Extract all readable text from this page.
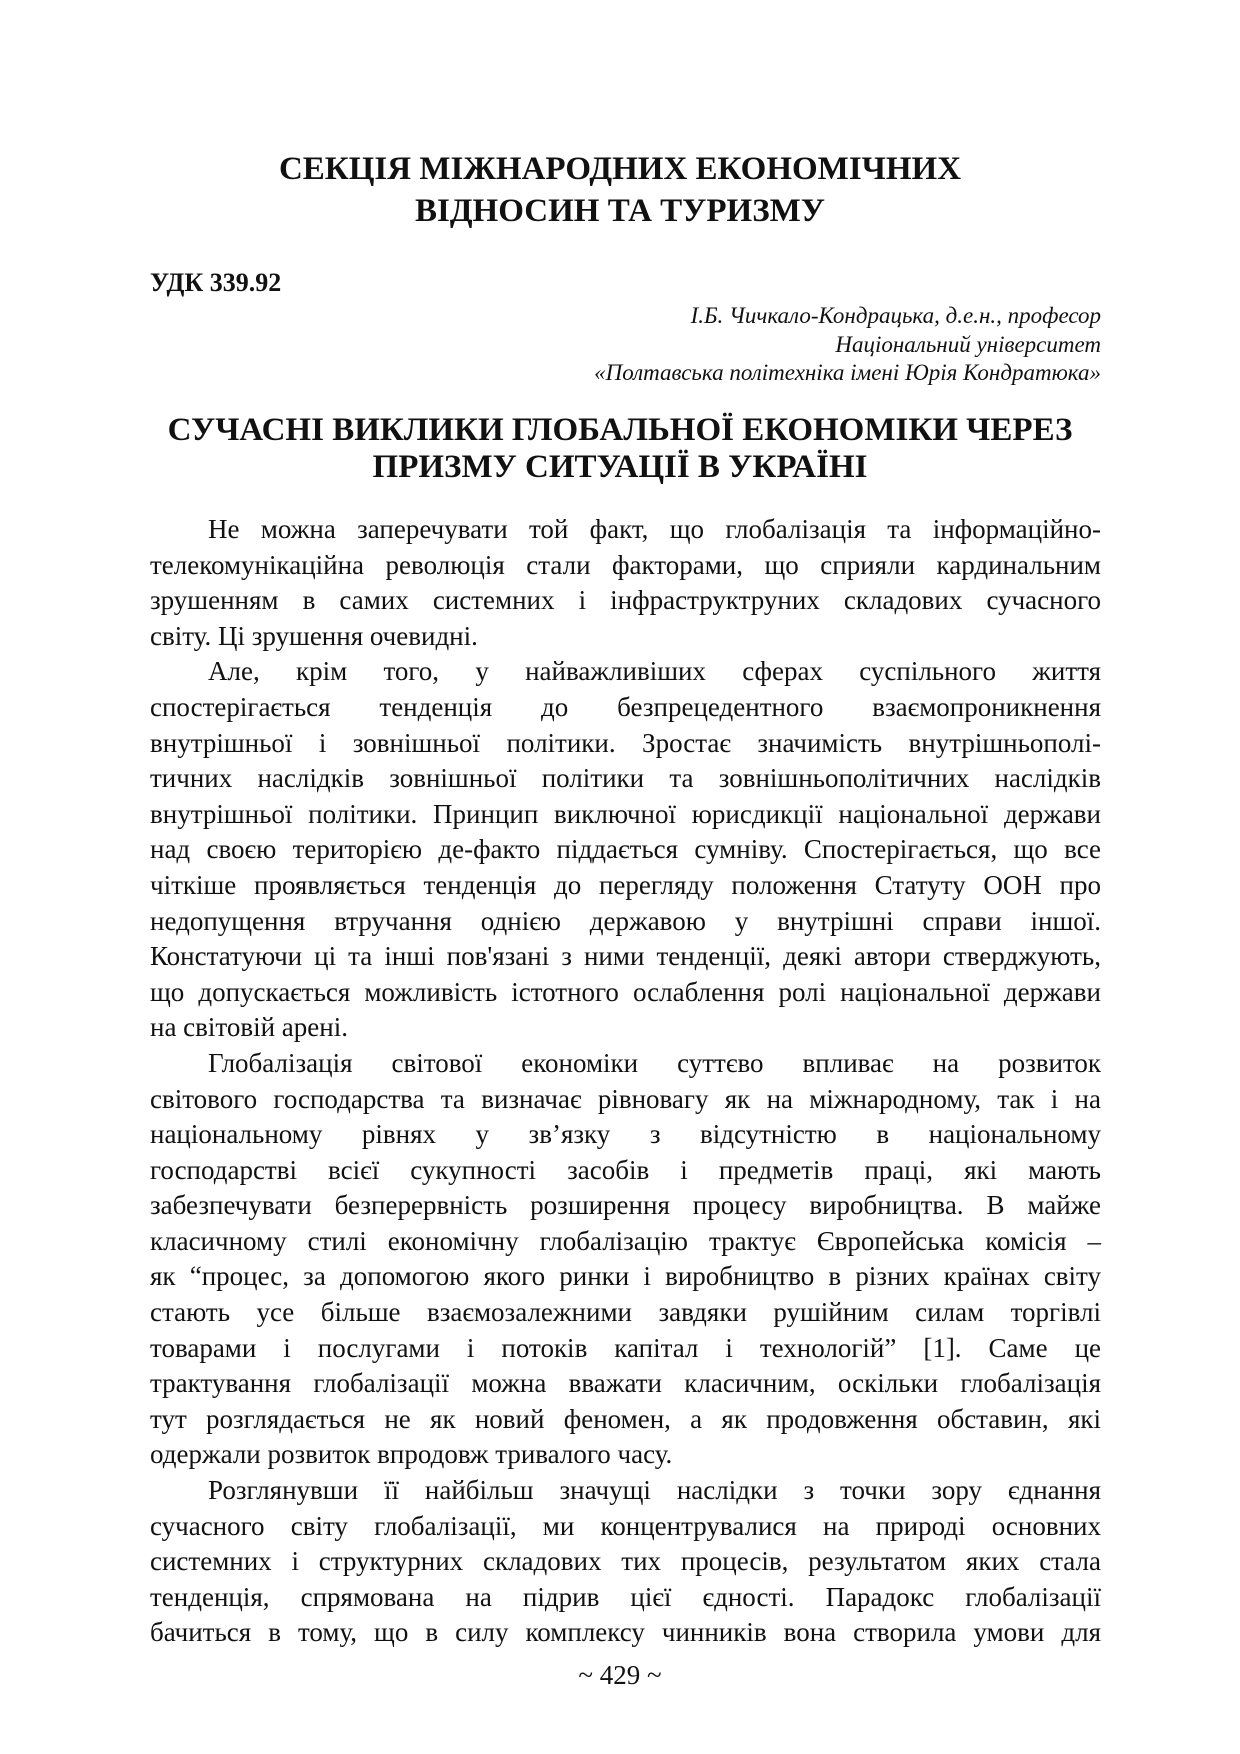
СЕКЦІЯ МІЖНАРОДНИХ ЕКОНОМІЧНИХ
ВІДНОСИН ТА ТУРИЗМУ
УДК 339.92
І.Б. Чичкало-Кондрацька, д.е.н., професор
Національний університет
«Полтавська політехніка імені Юрія Кондратюка»
СУЧАСНІ ВИКЛИКИ ГЛОБАЛЬНОЇ ЕКОНОМІКИ ЧЕРЕЗ
ПРИЗМУ СИТУАЦІЇ В УКРАЇНІ
Не можна заперечувати той факт, що глобалізація та інформаційно-
телекомунікаційна революція стали факторами, що сприяли кардинальним
зрушенням в самих системних і інфраструктруних складових сучасного
світу. Ці зрушення очевидні.
Але, крім того, у найважливіших сферах суспільного життя
спостерігається тенденція до безпрецедентного взаємопроникнення
внутрішньої і зовнішньої політики. Зростає значимість внутрішньополі-
тичних наслідків зовнішньої політики та зовнішньополітичних наслідків
внутрішньої політики. Принцип виключної юрисдикції національної держави
над своєю територією де-факто піддається сумніву. Спостерігається, що все
чіткіше проявляється тенденція до перегляду положення Статуту ООН про
недопущення втручання однією державою у внутрішні справи іншої.
Констатуючи ці та інші пов'язані з ними тенденції, деякі автори стверджують,
що допускається можливість істотного ослаблення ролі національної держави
на світовій арені.
Глобалізація світової економіки суттєво впливає на розвиток
світового господарства та визначає рівновагу як на міжнародному, так і на
національному рівнях у зв’язку з відсутністю в національному
господарстві всієї сукупності засобів і предметів праці, які мають
забезпечувати безперервність розширення процесу виробництва. В майже
класичному стилі економічну глобалізацію трактує Європейська комісія –
як “процес, за допомогою якого ринки і виробництво в різних країнах світу
стають усе більше взаємозалежними завдяки рушійним силам торгівлі
товарами і послугами і потоків капітал і технологій” [1]. Саме це
трактування глобалізації можна вважати класичним, оскільки глобалізація
тут розглядається не як новий феномен, а як продовження обставин, які
одержали розвиток впродовж тривалого часу.
Розглянувши її найбільш значущі наслідки з точки зору єднання
сучасного світу глобалізації, ми концентрувалися на природі основних
системних і структурних складових тих процесів, результатом яких стала
тенденція, спрямована на підрив цієї єдності. Парадокс глобалізації
бачиться в тому, що в силу комплексу чинників вона створила умови для
~ 429 ~
